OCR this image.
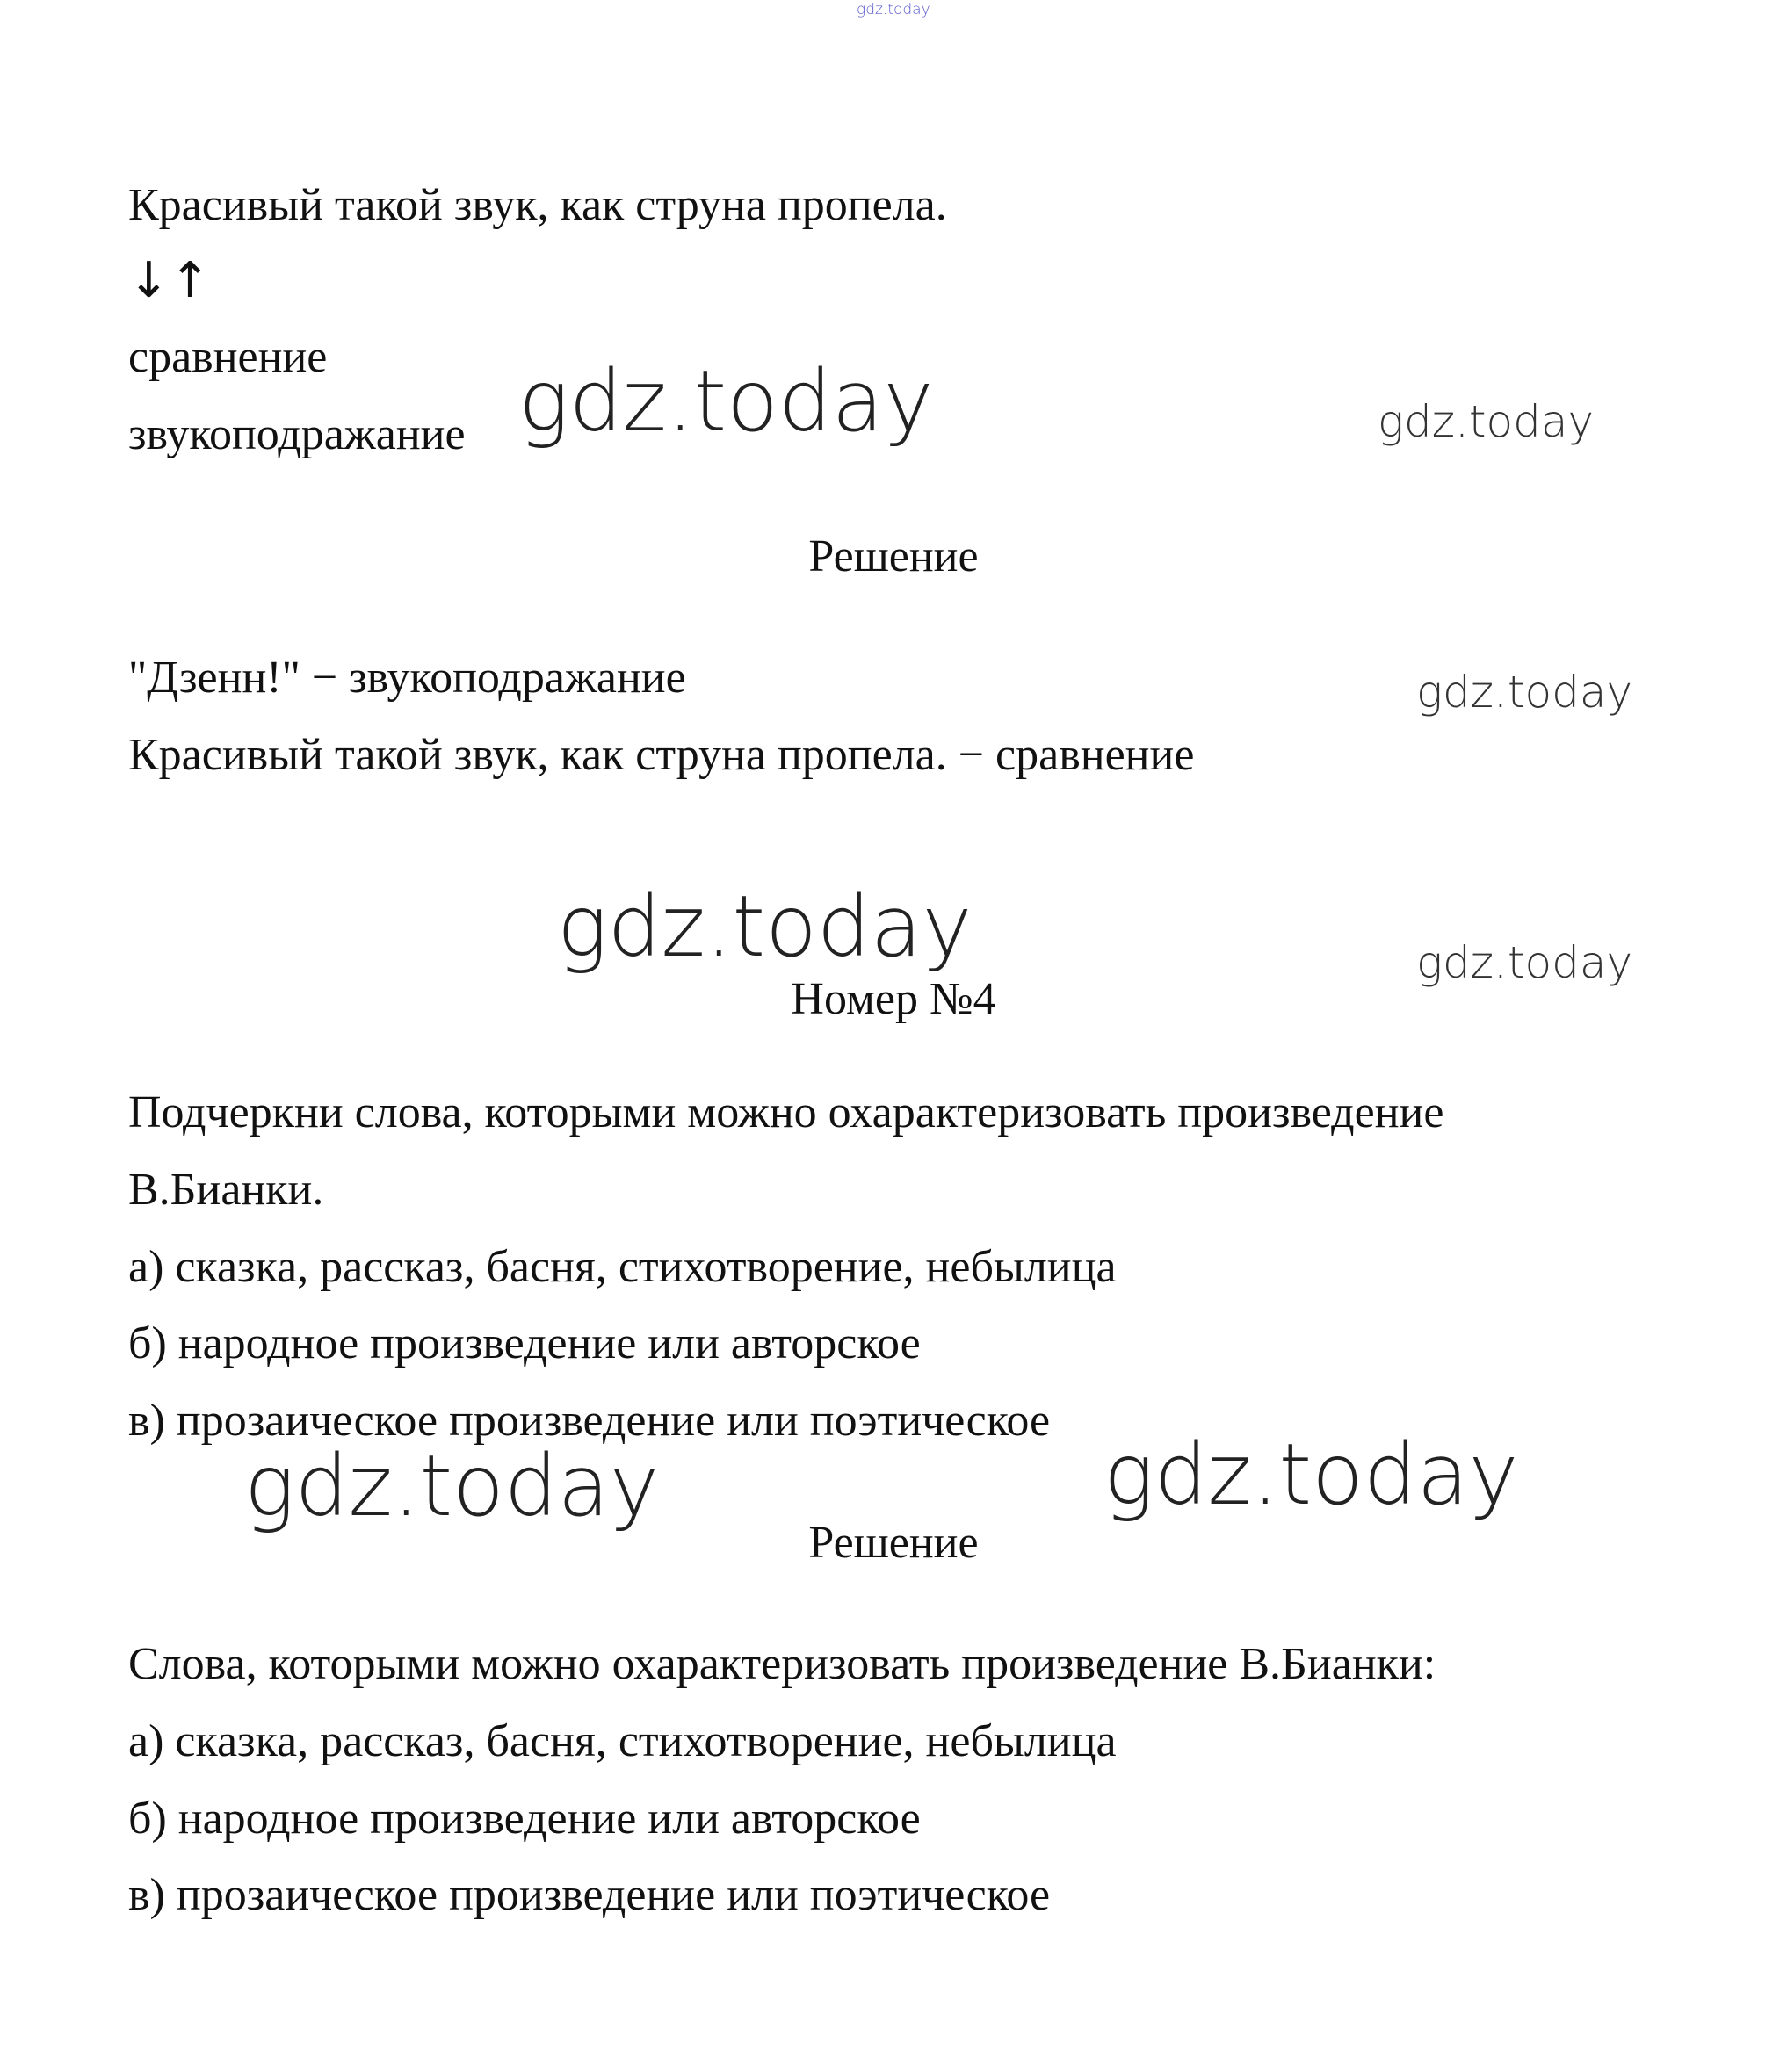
gdz.today
Красивый такой звук, как струна пропела.
↓↑
сравнение
звукоподражание gdz.today	gdz.today
Решение
"Дзенн!" − звукоподражание
Красивый такой звук, как струна пропела. − сравнение
gdz.today
gdz.today
Номер №4
gdz.today
Подчеркни слова, которыми можно охарактеризовать произведение
В.Бианки.
а) сказка, рассказ, басня, стихотворение, небылица
б) народное произведение или авторское
в) прозаическое произведение или поэтическое
gdz.today	gdz.today
Решение
Слова, которыми можно охарактеризовать произведение В.Бианки:
а) сказка, рассказ, басня, стихотворение, небылица
б) народное произведение или авторское
в) прозаическое произведение или поэтическое
